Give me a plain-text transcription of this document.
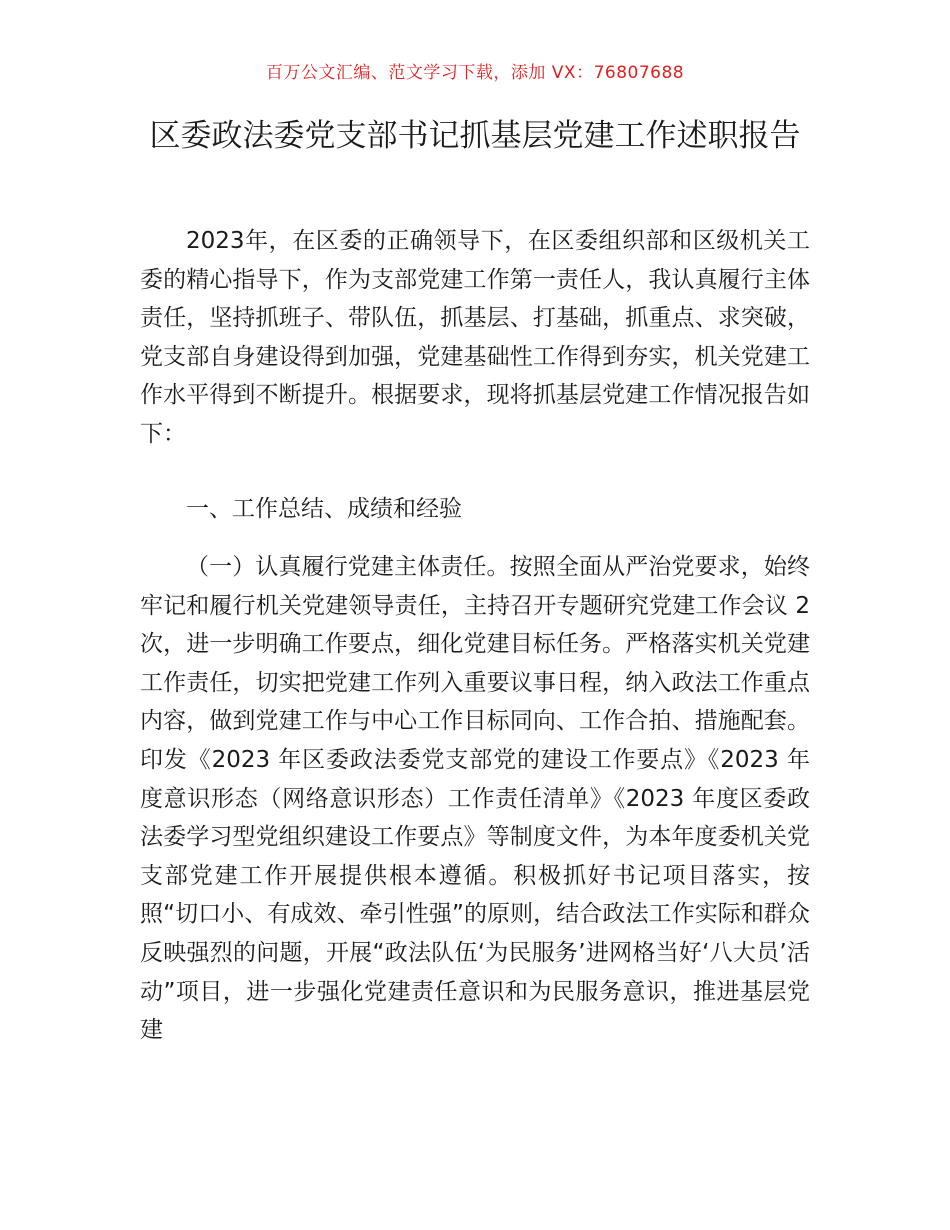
百万公文汇编、范文学习下载，添加 VX：76807688
区委政法委党支部书记抓基层党建工作述职报告

2023年，在区委的正确领导下，在区委组织部和区级机关工委的精心指导下，作为支部党建工作第一责任人，我认真履行主体责任，坚持抓班子、带队伍，抓基层、打基础，抓重点、求突破，党支部自身建设得到加强，党建基础性工作得到夯实，机关党建工作水平得到不断提升。根据要求，现将抓基层党建工作情况报告如下：

一、工作总结、成绩和经验

（一）认真履行党建主体责任。按照全面从严治党要求，始终牢记和履行机关党建领导责任，主持召开专题研究党建工作会议 2 次，进一步明确工作要点，细化党建目标任务。严格落实机关党建工作责任，切实把党建工作列入重要议事日程，纳入政法工作重点内容，做到党建工作与中心工作目标同向、工作合拍、措施配套。印发《2023 年区委政法委党支部党的建设工作要点》《2023 年度意识形态（网络意识形态）工作责任清单》《2023 年度区委政法委学习型党组织建设工作要点》等制度文件，为本年度委机关党支部党建工作开展提供根本遵循。积极抓好书记项目落实，按照“切口小、有成效、牵引性强”的原则，结合政法工作实际和群众反映强烈的问题，开展“政法队伍‘为民服务’进网格当好‘八大员’活动”项目，进一步强化党建责任意识和为民服务意识，推进基层党建
